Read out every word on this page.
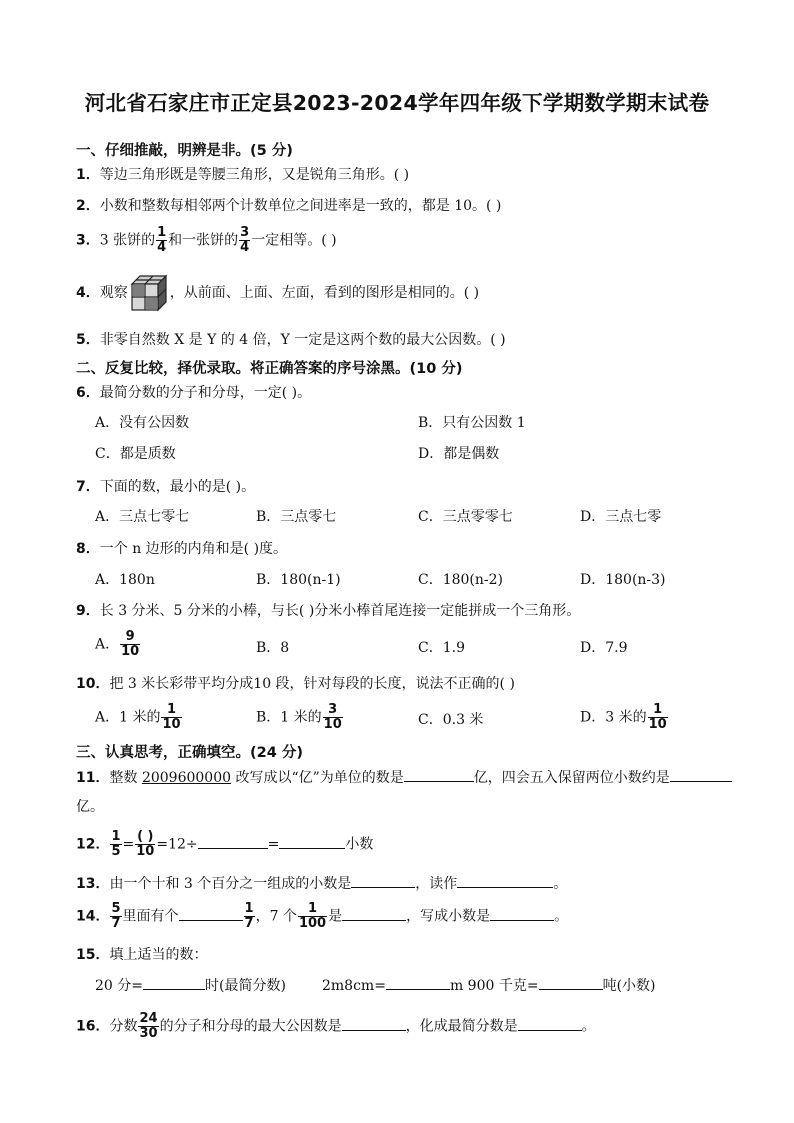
河北省石家庄市正定县2023-2024学年四年级下学期数学期末试卷
一、仔细推敲，明辨是非。(5 分)
1．等边三角形既是等腰三角形，又是锐角三角形。( )
2．小数和整数每相邻两个计数单位之间进率是一致的，都是 10。( )
3．3 张饼的 $\frac{1}{4}$ 和一张饼的 $\frac{3}{4}$ 一定相等。( )
4．观察	，从前面、上面、左面，看到的图形是相同的。( )
5．非零自然数 X 是 Y 的 4 倍，Y 一定是这两个数的最大公因数。( )
二、反复比较，择优录取。将正确答案的序号涂黑。(10 分)
6．最简分数的分子和分母，一定( )。
A．没有公因数	B．只有公因数 1
C．都是质数	D．都是偶数
7．下面的数，最小的是( )。
A．三点七零七	B．三点零七	C．三点零零七	D．三点七零
8．一个 n 边形的内角和是( )度。
A．180n	B．180(n-1)	C．180(n-2)	D．180(n-3)
9．长 3 分米、5 分米的小棒，与长( )分米小棒首尾连接一定能拼成一个三角形。
A． $\frac{9}{10}$	B．8	C．1.9	D．7.9
10．把 3 米长彩带平均分成10 段，针对每段的长度，说法不正确的( )
A．1 米的 $\frac{1}{10}$	B．1 米的 $\frac{3}{10}$	C．0.3 米	D．3 米的 $\frac{1}{10}$
三、认真思考，正确填空。(24 分)
11．整数 2009600000 改写成以“亿”为单位的数是	亿，四会五入保留两位小数约是
亿。
12． $\frac{1}{5} = \frac{( )}{10} =12\div$	=	小数
13．由一个十和 3 个百分之一组成的小数是	，读作	。
14． $\frac{5}{7}$ 里面有个	$\frac{1}{7}$ ，7 个 $\frac{1}{100}$ 是	，写成小数是	。
15．填上适当的数：
20 分=	时(最简分数)	2m8cm=	m 900 千克=	吨(小数)
16．分数 $\frac{24}{30}$ 的分子和分母的最大公因数是	，化成最简分数是	。
